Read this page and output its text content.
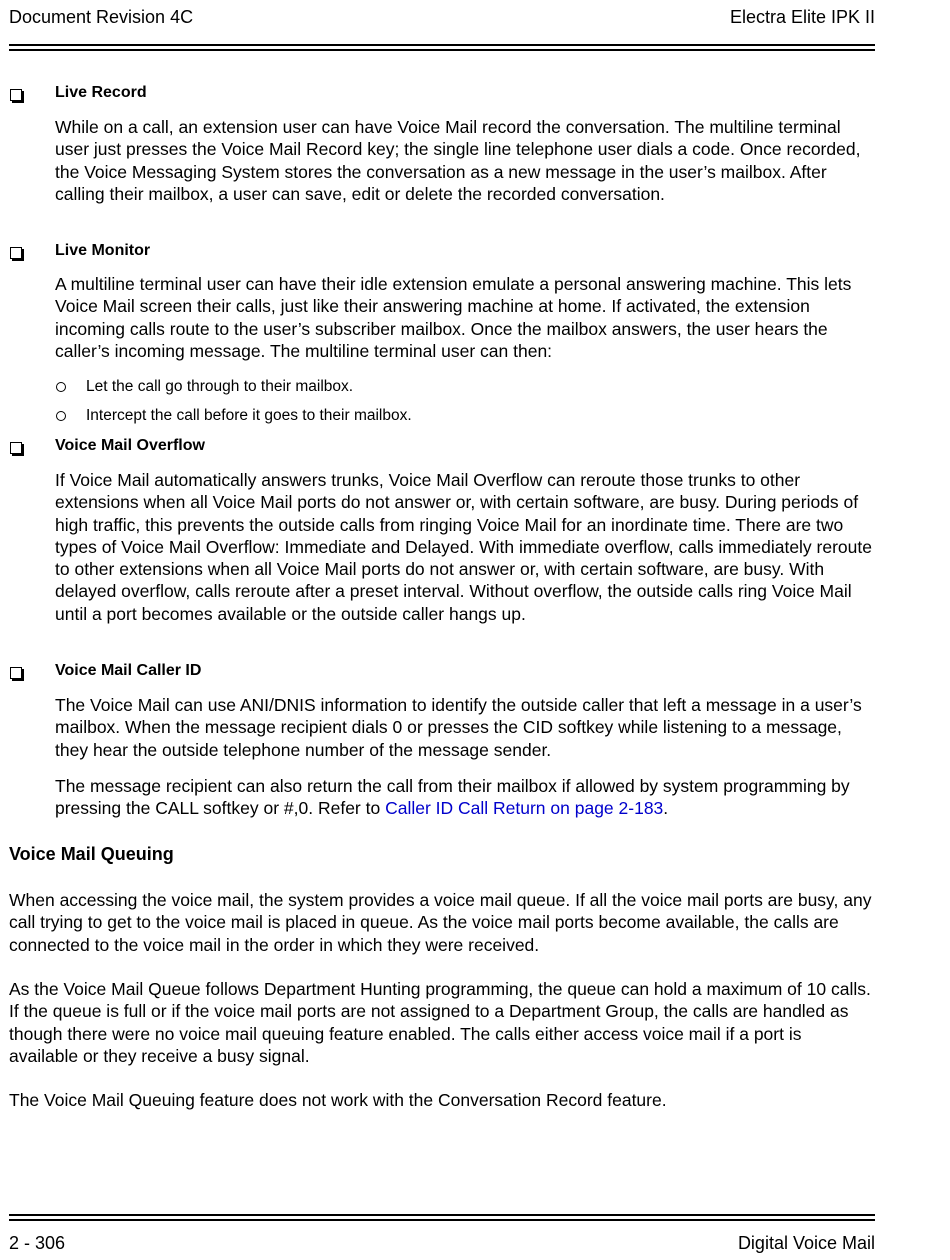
Document Revision 4C	Electra Elite IPK II
Live Record
While on a call, an extension user can have Voice Mail record the conversation. The multiline terminal user just presses the Voice Mail Record key; the single line telephone user dials a code. Once recorded, the Voice Messaging System stores the conversation as a new message in the user’s mailbox. After calling their mailbox, a user can save, edit or delete the recorded conversation.
Live Monitor
A multiline terminal user can have their idle extension emulate a personal answering machine. This lets Voice Mail screen their calls, just like their answering machine at home. If activated, the extension incoming calls route to the user’s subscriber mailbox. Once the mailbox answers, the user hears the caller’s incoming message. The multiline terminal user can then:
Let the call go through to their mailbox.
Intercept the call before it goes to their mailbox.
Voice Mail Overflow
If Voice Mail automatically answers trunks, Voice Mail Overflow can reroute those trunks to other extensions when all Voice Mail ports do not answer or, with certain software, are busy. During periods of high traffic, this prevents the outside calls from ringing Voice Mail for an inordinate time. There are two types of Voice Mail Overflow: Immediate and Delayed. With immediate overflow, calls immediately reroute to other extensions when all Voice Mail ports do not answer or, with certain software, are busy. With delayed overflow, calls reroute after a preset interval. Without overflow, the outside calls ring Voice Mail until a port becomes available or the outside caller hangs up.
Voice Mail Caller ID
The Voice Mail can use ANI/DNIS information to identify the outside caller that left a message in a user’s mailbox. When the message recipient dials 0 or presses the CID softkey while listening to a message, they hear the outside telephone number of the message sender.
The message recipient can also return the call from their mailbox if allowed by system programming by pressing the CALL softkey or #,0. Refer to Caller ID Call Return on page 2-183.
Voice Mail Queuing
When accessing the voice mail, the system provides a voice mail queue. If all the voice mail ports are busy, any call trying to get to the voice mail is placed in queue. As the voice mail ports become available, the calls are connected to the voice mail in the order in which they were received.
As the Voice Mail Queue follows Department Hunting programming, the queue can hold a maximum of 10 calls. If the queue is full or if the voice mail ports are not assigned to a Department Group, the calls are handled as though there were no voice mail queuing feature enabled. The calls either access voice mail if a port is available or they receive a busy signal.
The Voice Mail Queuing feature does not work with the Conversation Record feature.
2 - 306	Digital Voice Mail
